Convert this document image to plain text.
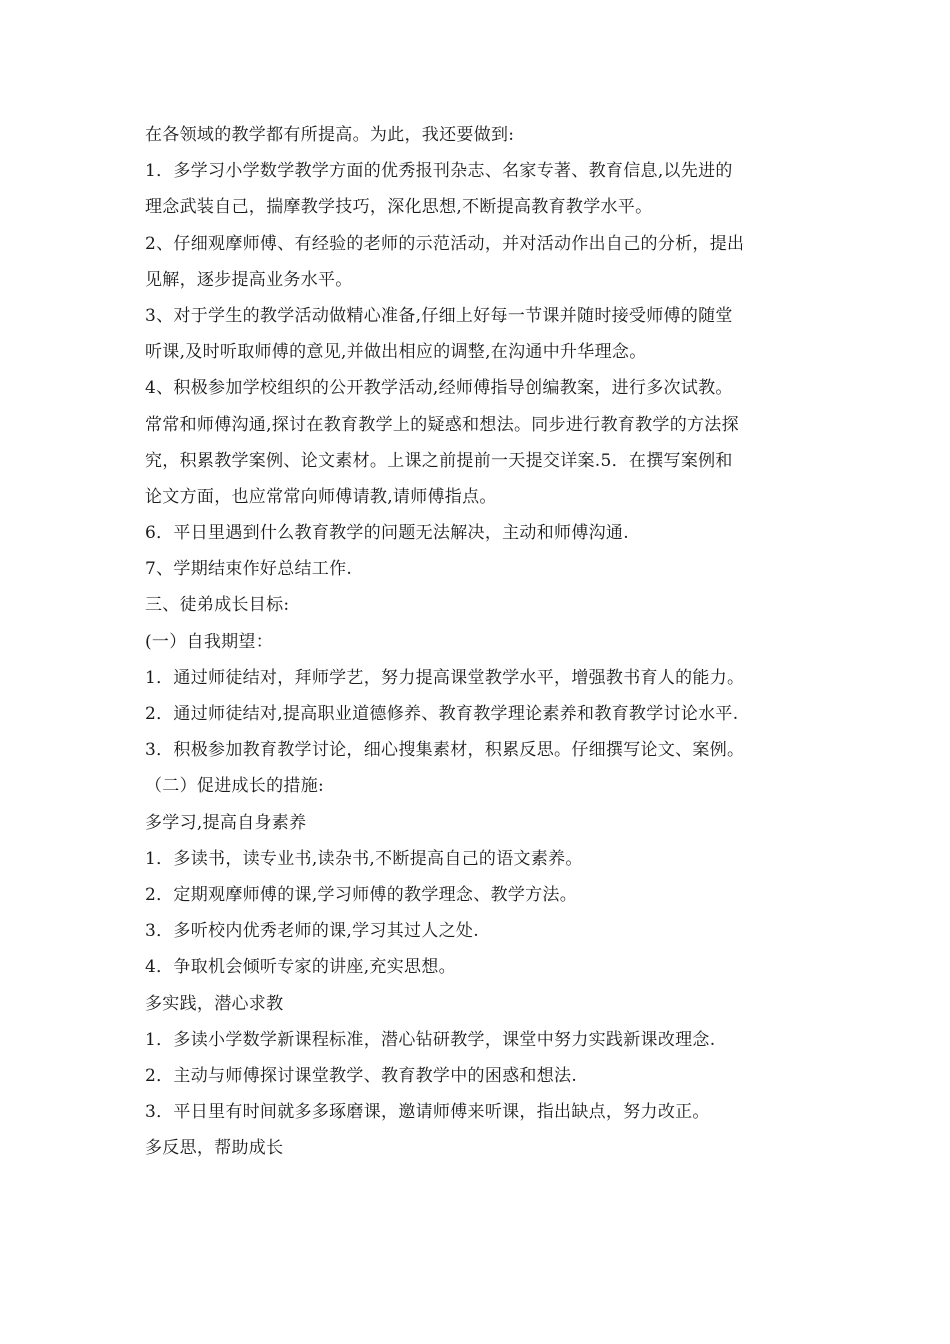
在各领域的教学都有所提高。为此，我还要做到:
1．多学习小学数学教学方面的优秀报刊杂志、名家专著、教育信息,以先进的
理念武装自己，揣摩教学技巧，深化思想,不断提高教育教学水平。
2、仔细观摩师傅、有经验的老师的示范活动，并对活动作出自己的分析，提出
见解，逐步提高业务水平。
3、对于学生的教学活动做精心准备,仔细上好每一节课并随时接受师傅的随堂
听课,及时听取师傅的意见,并做出相应的调整,在沟通中升华理念。
4、积极参加学校组织的公开教学活动,经师傅指导创编教案，进行多次试教。
常常和师傅沟通,探讨在教育教学上的疑惑和想法。同步进行教育教学的方法探
究，积累教学案例、论文素材。上课之前提前一天提交详案.5．在撰写案例和
论文方面，也应常常向师傅请教,请师傅指点。
6．平日里遇到什么教育教学的问题无法解决，主动和师傅沟通.
7、学期结束作好总结工作.
三、徒弟成长目标:
(一）自我期望：
1．通过师徒结对，拜师学艺，努力提高课堂教学水平，增强教书育人的能力。
2．通过师徒结对,提高职业道德修养、教育教学理论素养和教育教学讨论水平.
3．积极参加教育教学讨论，细心搜集素材，积累反思。仔细撰写论文、案例。
（二）促进成长的措施:
多学习,提高自身素养
1．多读书，读专业书,读杂书,不断提高自己的语文素养。
2．定期观摩师傅的课,学习师傅的教学理念、教学方法。
3．多听校内优秀老师的课,学习其过人之处.
4．争取机会倾听专家的讲座,充实思想。
多实践，潜心求教
1．多读小学数学新课程标准，潜心钻研教学，课堂中努力实践新课改理念.
2．主动与师傅探讨课堂教学、教育教学中的困惑和想法.
3．平日里有时间就多多琢磨课，邀请师傅来听课，指出缺点，努力改正。
多反思，帮助成长
